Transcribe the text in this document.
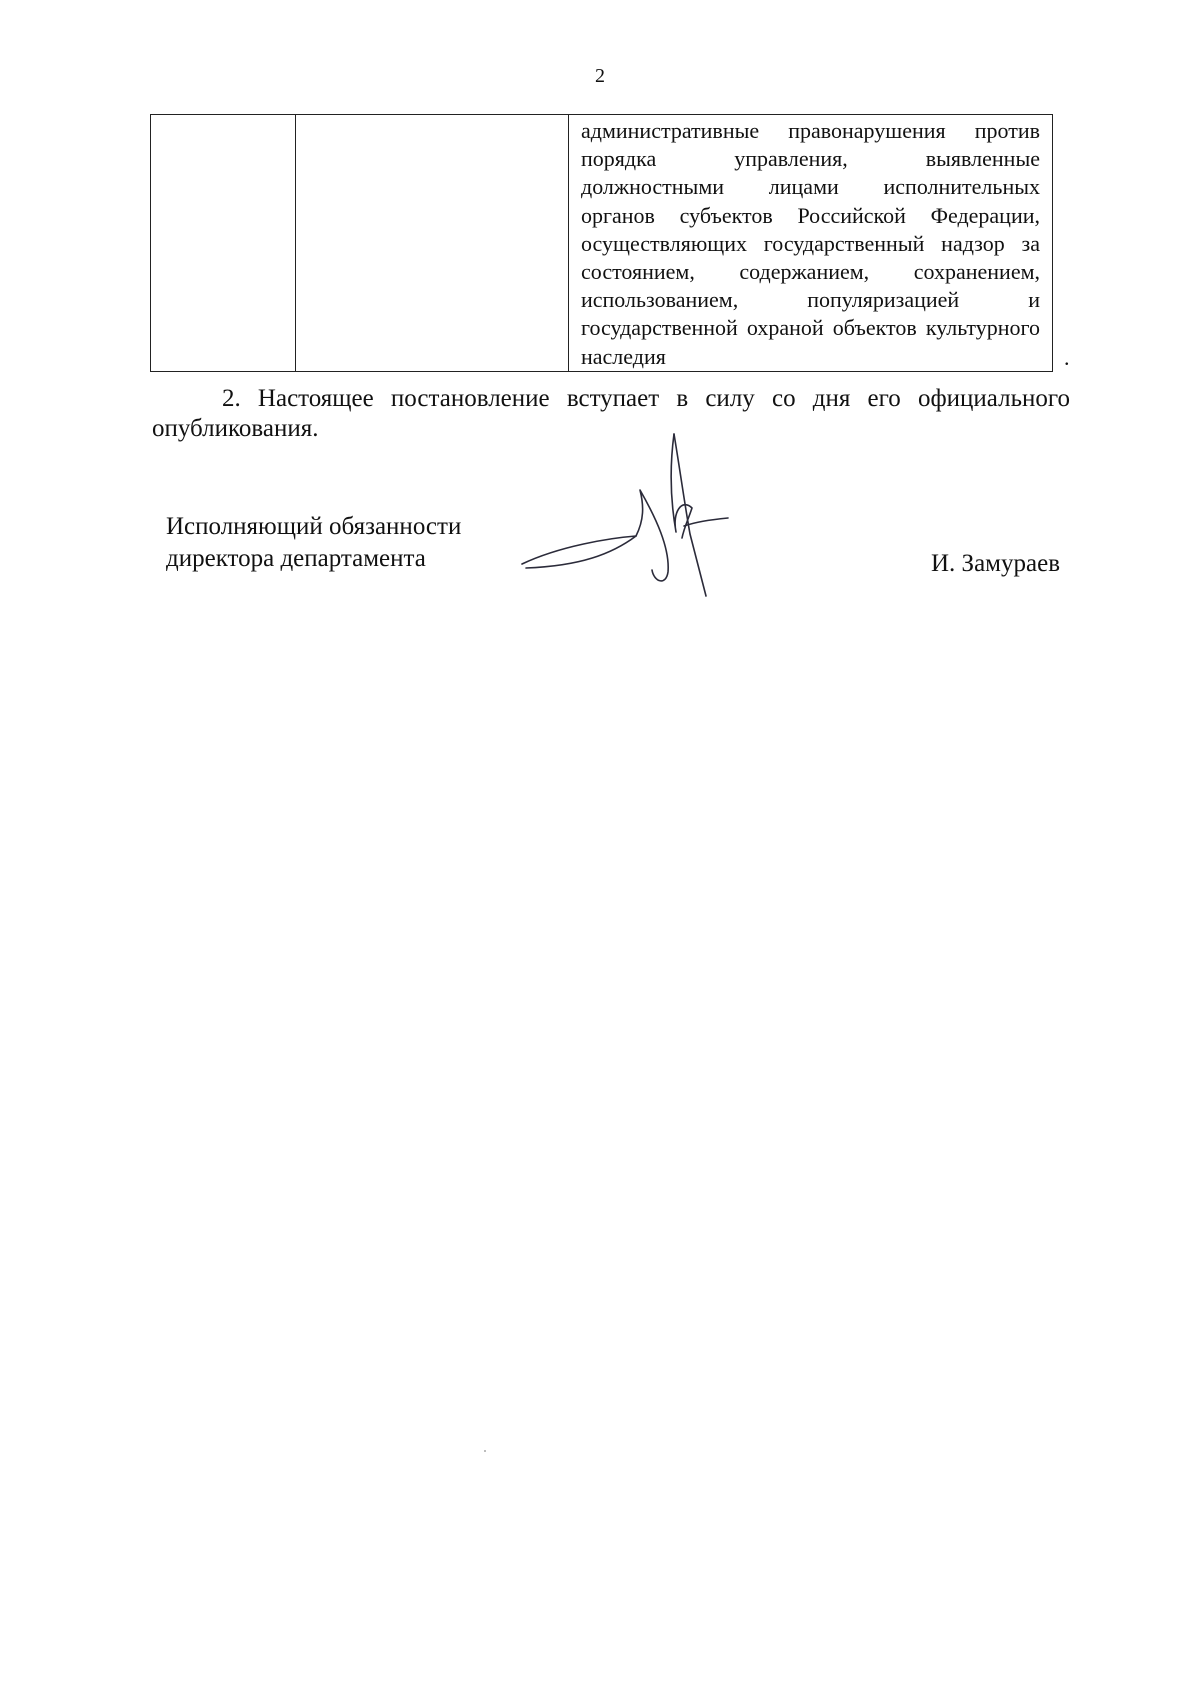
2

административные правонарушения против порядка управления, выявленные должностными лицами исполнительных органов субъектов Российской Федерации, осуществляющих государственный надзор за состоянием, содержанием, сохранением, использованием, популяризацией и государственной охраной объектов культурного наследия	.
2. Настоящее постановление вступает в силу со дня его официального опубликования.
Исполняющий обязанности
директора департамента	И. Замураев
